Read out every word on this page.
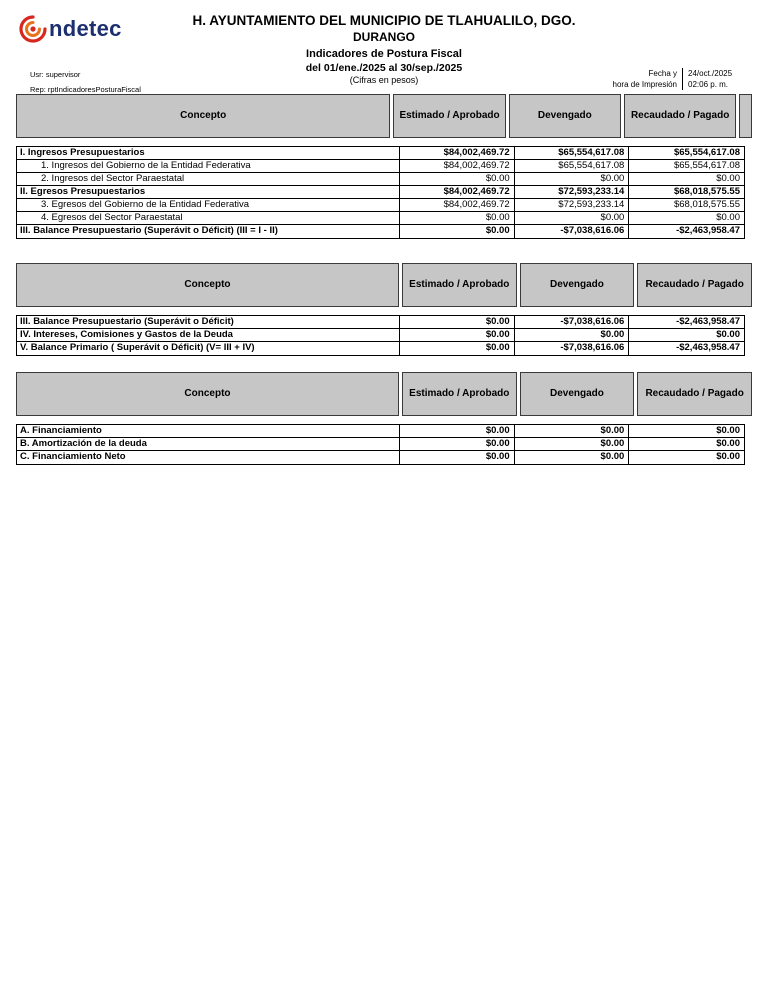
ndetec	H. AYUNTAMIENTO DEL MUNICIPIO DE TLAHUALILO, DGO.
DURANGO
Indicadores de Postura Fiscal
del 01/ene./2025 al 30/sep./2025
(Cifras en pesos)
Usr: supervisor
Rep: rptIndicadoresPosturaFiscal
Fecha y
hora de Impresión
24/oct./2025
02:06 p. m.
Concepto	Estimado / Aprobado	Devengado	Recaudado / Pagado
I. Ingresos Presupuestarios	$84,002,469.72	$65,554,617.08	$65,554,617.08
1. Ingresos del Gobierno de la Entidad Federativa	$84,002,469.72	$65,554,617.08	$65,554,617.08
2. Ingresos del Sector Paraestatal	$0.00	$0.00	$0.00
II. Egresos Presupuestarios	$84,002,469.72	$72,593,233.14	$68,018,575.55
3. Egresos del Gobierno de la Entidad Federativa	$84,002,469.72	$72,593,233.14	$68,018,575.55
4. Egresos del Sector Paraestatal	$0.00	$0.00	$0.00
III. Balance Presupuestario (Superávit o Déficit) (III = I - II)	$0.00	-$7,038,616.06	-$2,463,958.47
Concepto	Estimado / Aprobado	Devengado	Recaudado / Pagado
III. Balance Presupuestario (Superávit o Déficit)	$0.00	-$7,038,616.06	-$2,463,958.47
IV. Intereses, Comisiones y Gastos de la Deuda	$0.00	$0.00	$0.00
V. Balance Primario ( Superávit o Déficit) (V= III + IV)	$0.00	-$7,038,616.06	-$2,463,958.47
Concepto	Estimado / Aprobado	Devengado	Recaudado / Pagado
A. Financiamiento	$0.00	$0.00	$0.00
B. Amortización de la deuda	$0.00	$0.00	$0.00
C. Financiamiento Neto	$0.00	$0.00	$0.00
